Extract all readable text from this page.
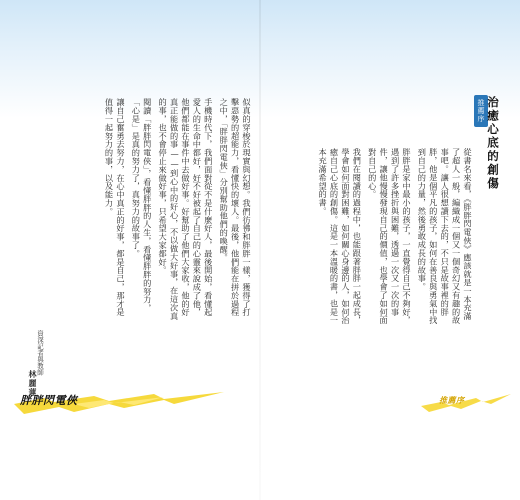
似真的穿梭於現實與幻想。我們彷彿和胖胖一樣，獲得了打擊惡勢的超能力，看懂快的壞人。最後，他們能在拼於過程之中，「胖胖閃電俠」分別幫助他們的喚醒。

手機時代下，我們面對從不是什麼好人，最後開始，看懂起愛人的生命中都好，好不好被起了自己的心靈來說成了他，他們都能在事件中去做好事。好幫助了他們大家收，他的好真正能做的事——到心中的好心，不以做大好事，在這次真的事，也不會停止來做好事，只希望大家都好。

閱讀「胖胖閃電俠」，看懂胖胖的人生，看懂胖胖的努力，「心是」是真的努力了，真努力的故事了。

讓自己奮勇去努力，在心中真正的好事，都是自己，那才是值得一起努力的事，以及能力。

資深記者與教師
林麗蓮
胖胖閃電俠
推薦序 治癒心底的創傷

從書名來看，《胖胖閃電俠》應該就是一本充滿了超人一般，編織成一個又一個奇幻又有趣的故事吧。讓人很想讀下去的，不只是故事裡的胖胖，他是個平凡的孩子，如何在善良與勇氣中找到自己的力量，然後勇敢成長的故事。

胖胖是家中最小的孩子，一直覺得自己不夠好，遇到了許多挫折與困難，透過一次又一次的事件，讓他慢慢發現自己的價值，也學會了如何面對自己的心。

我們在閱讀的過程中，也能跟著胖胖一起成長，學會如何面對困難，如何關心身邊的人，如何治癒自己心底的創傷。這是一本溫暖的書，也是一本充滿希望的書。

推薦序
